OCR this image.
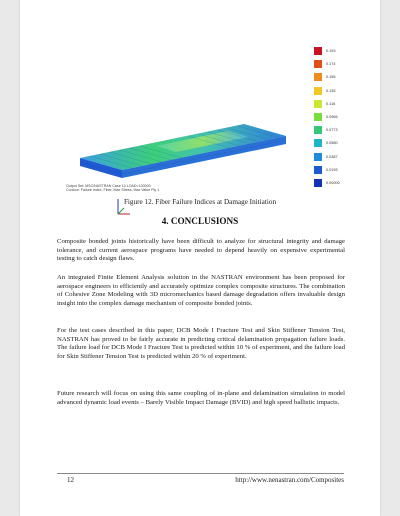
0.193
0.174
0.155
0.135
0.116
0.0966
0.0773
0.0580
0.0387
0.0193
0.00000
Output Set: MSC/NASTRAN Case 10 LOAD=100000
Contour: Failure Index, Fiber, Max Stress, Max Value Ply 1
Figure 12. Fiber Failure Indices at Damage Initiation
4. CONCLUSIONS

Composite bonded joints historically have been difficult to analyze for structural integrity and damage tolerance, and current aerospace programs have needed to depend heavily on expensive experimental testing to catch design flaws.

An integrated Finite Element Analysis solution in the NASTRAN environment has been proposed for aerospace engineers to efficiently and accurately optimize complex composite structures. The combination of Cohesive Zone Modeling with 3D micromechanics based damage degradation offers invaluable design insight into the complex damage mechanism of composite bonded joints.

For the test cases described in this paper, DCB Mode I Fracture Test and Skin Stiffener Tension Test, NASTRAN has proved to be fairly accurate in predicting critical delamination propagation failure loads. The failure load for DCB Mode I Fracture Test is predicted within 10 % of experiment, and the failure load for Skin Stiffener Tension Test is predicted within 20 % of experiment.

Future research will focus on using this same coupling of in-plane and delamination simulation to model advanced dynamic load events – Barely Visible Impact Damage (BVID) and high speed ballistic impacts.

12	http://www.nenastran.com/Composites
